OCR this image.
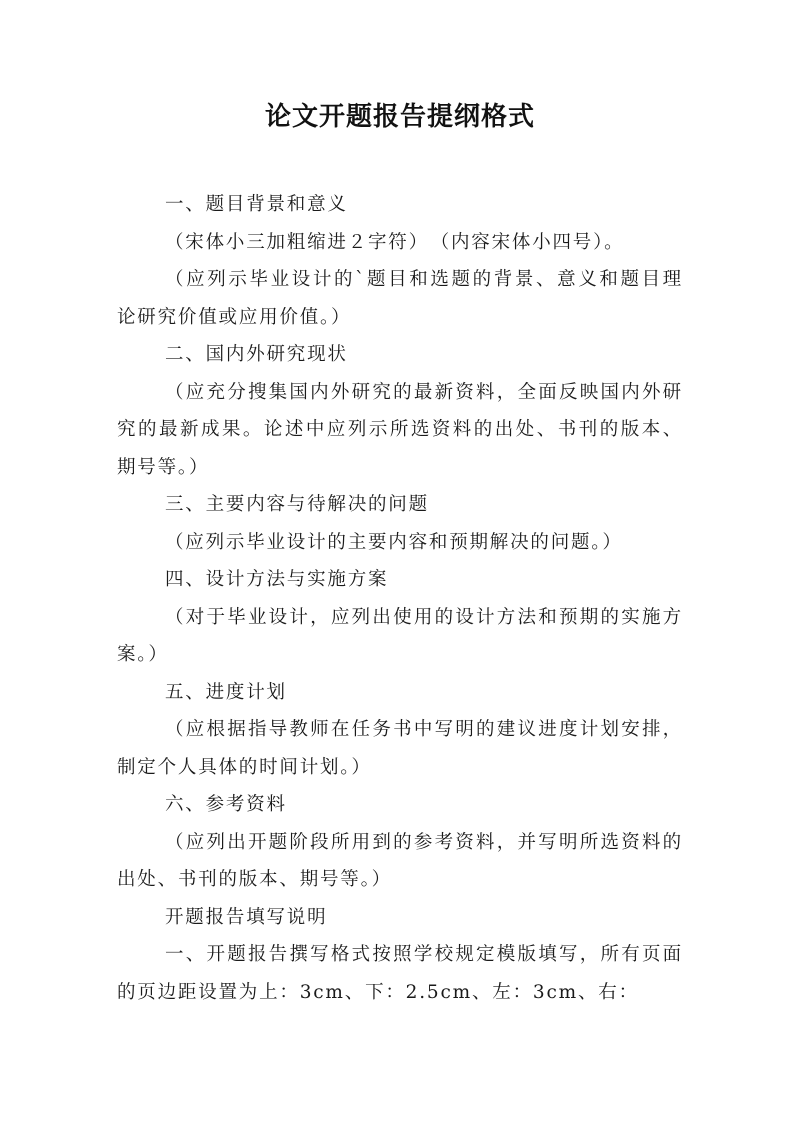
论文开题报告提纲格式

一、题目背景和意义

（宋体小三加粗缩进２字符）　（内容宋体小四号）。

（应列示毕业设计的`题目和选题的背景、意义和题目理论研究价值或应用价值。）

二、国内外研究现状

（应充分搜集国内外研究的最新资料，全面反映国内外研究的最新成果。论述中应列示所选资料的出处、书刊的版本、期号等。）

三、主要内容与待解决的问题

（应列示毕业设计的主要内容和预期解决的问题。）

四、设计方法与实施方案

（对于毕业设计，应列出使用的设计方法和预期的实施方案。）

五、进度计划

（应根据指导教师在任务书中写明的建议进度计划安排，制定个人具体的时间计划。）

六、参考资料

（应列出开题阶段所用到的参考资料，并写明所选资料的出处、书刊的版本、期号等。）

开题报告填写说明

一、开题报告撰写格式按照学校规定模版填写，所有页面的页边距设置为上：3cm、下：2.5cm、左：3cm、右：
